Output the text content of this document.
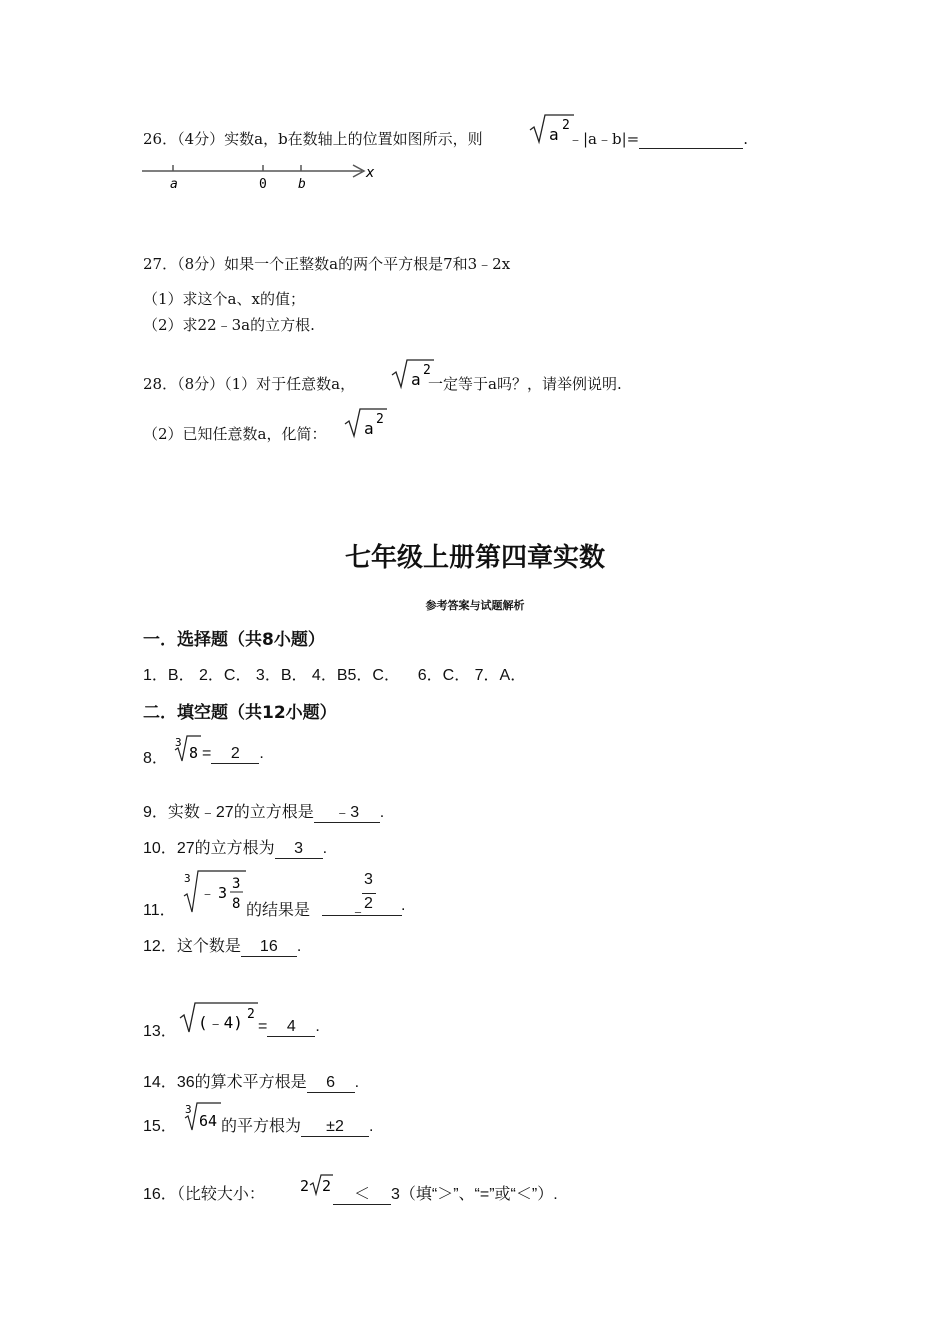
26．（4分）实数a，b在数轴上的位置如图所示，则	a 2
﹣|a﹣b|=	.
a	0 b
x
27．（8分）如果一个正整数a的两个平方根是7和3﹣2x
（1）求这个a、x的值；
（2）求22﹣3a的立方根.
28．（8分）（1）对于任意数a，	a 2
一定等于a吗？，请举例说明.
（2）已知任意数a，化简： a 2
七年级上册第四章实数
参考答案与试题解析
一．选择题（共8小题）
1．B． 2．C． 3．B． 4．B5．C．    6．C． 7．A．
二．填空题（共12小题）
8．
3
8 = 2 .
9．实数﹣27的立方根是 ﹣3 .
10．27的立方根为 3 .
11．
3
﹣ 3 3
8 的结果是 ﹣
3
2 .
12．这个数是 16 .
13． (﹣4) 2
= 4 .
14．36的算术平方根是 6 .
15．
3
64 的平方根为 ±2 .
16．（比较大小： 2 2	＜ 3（填“＞”、“=”或“＜”）.
